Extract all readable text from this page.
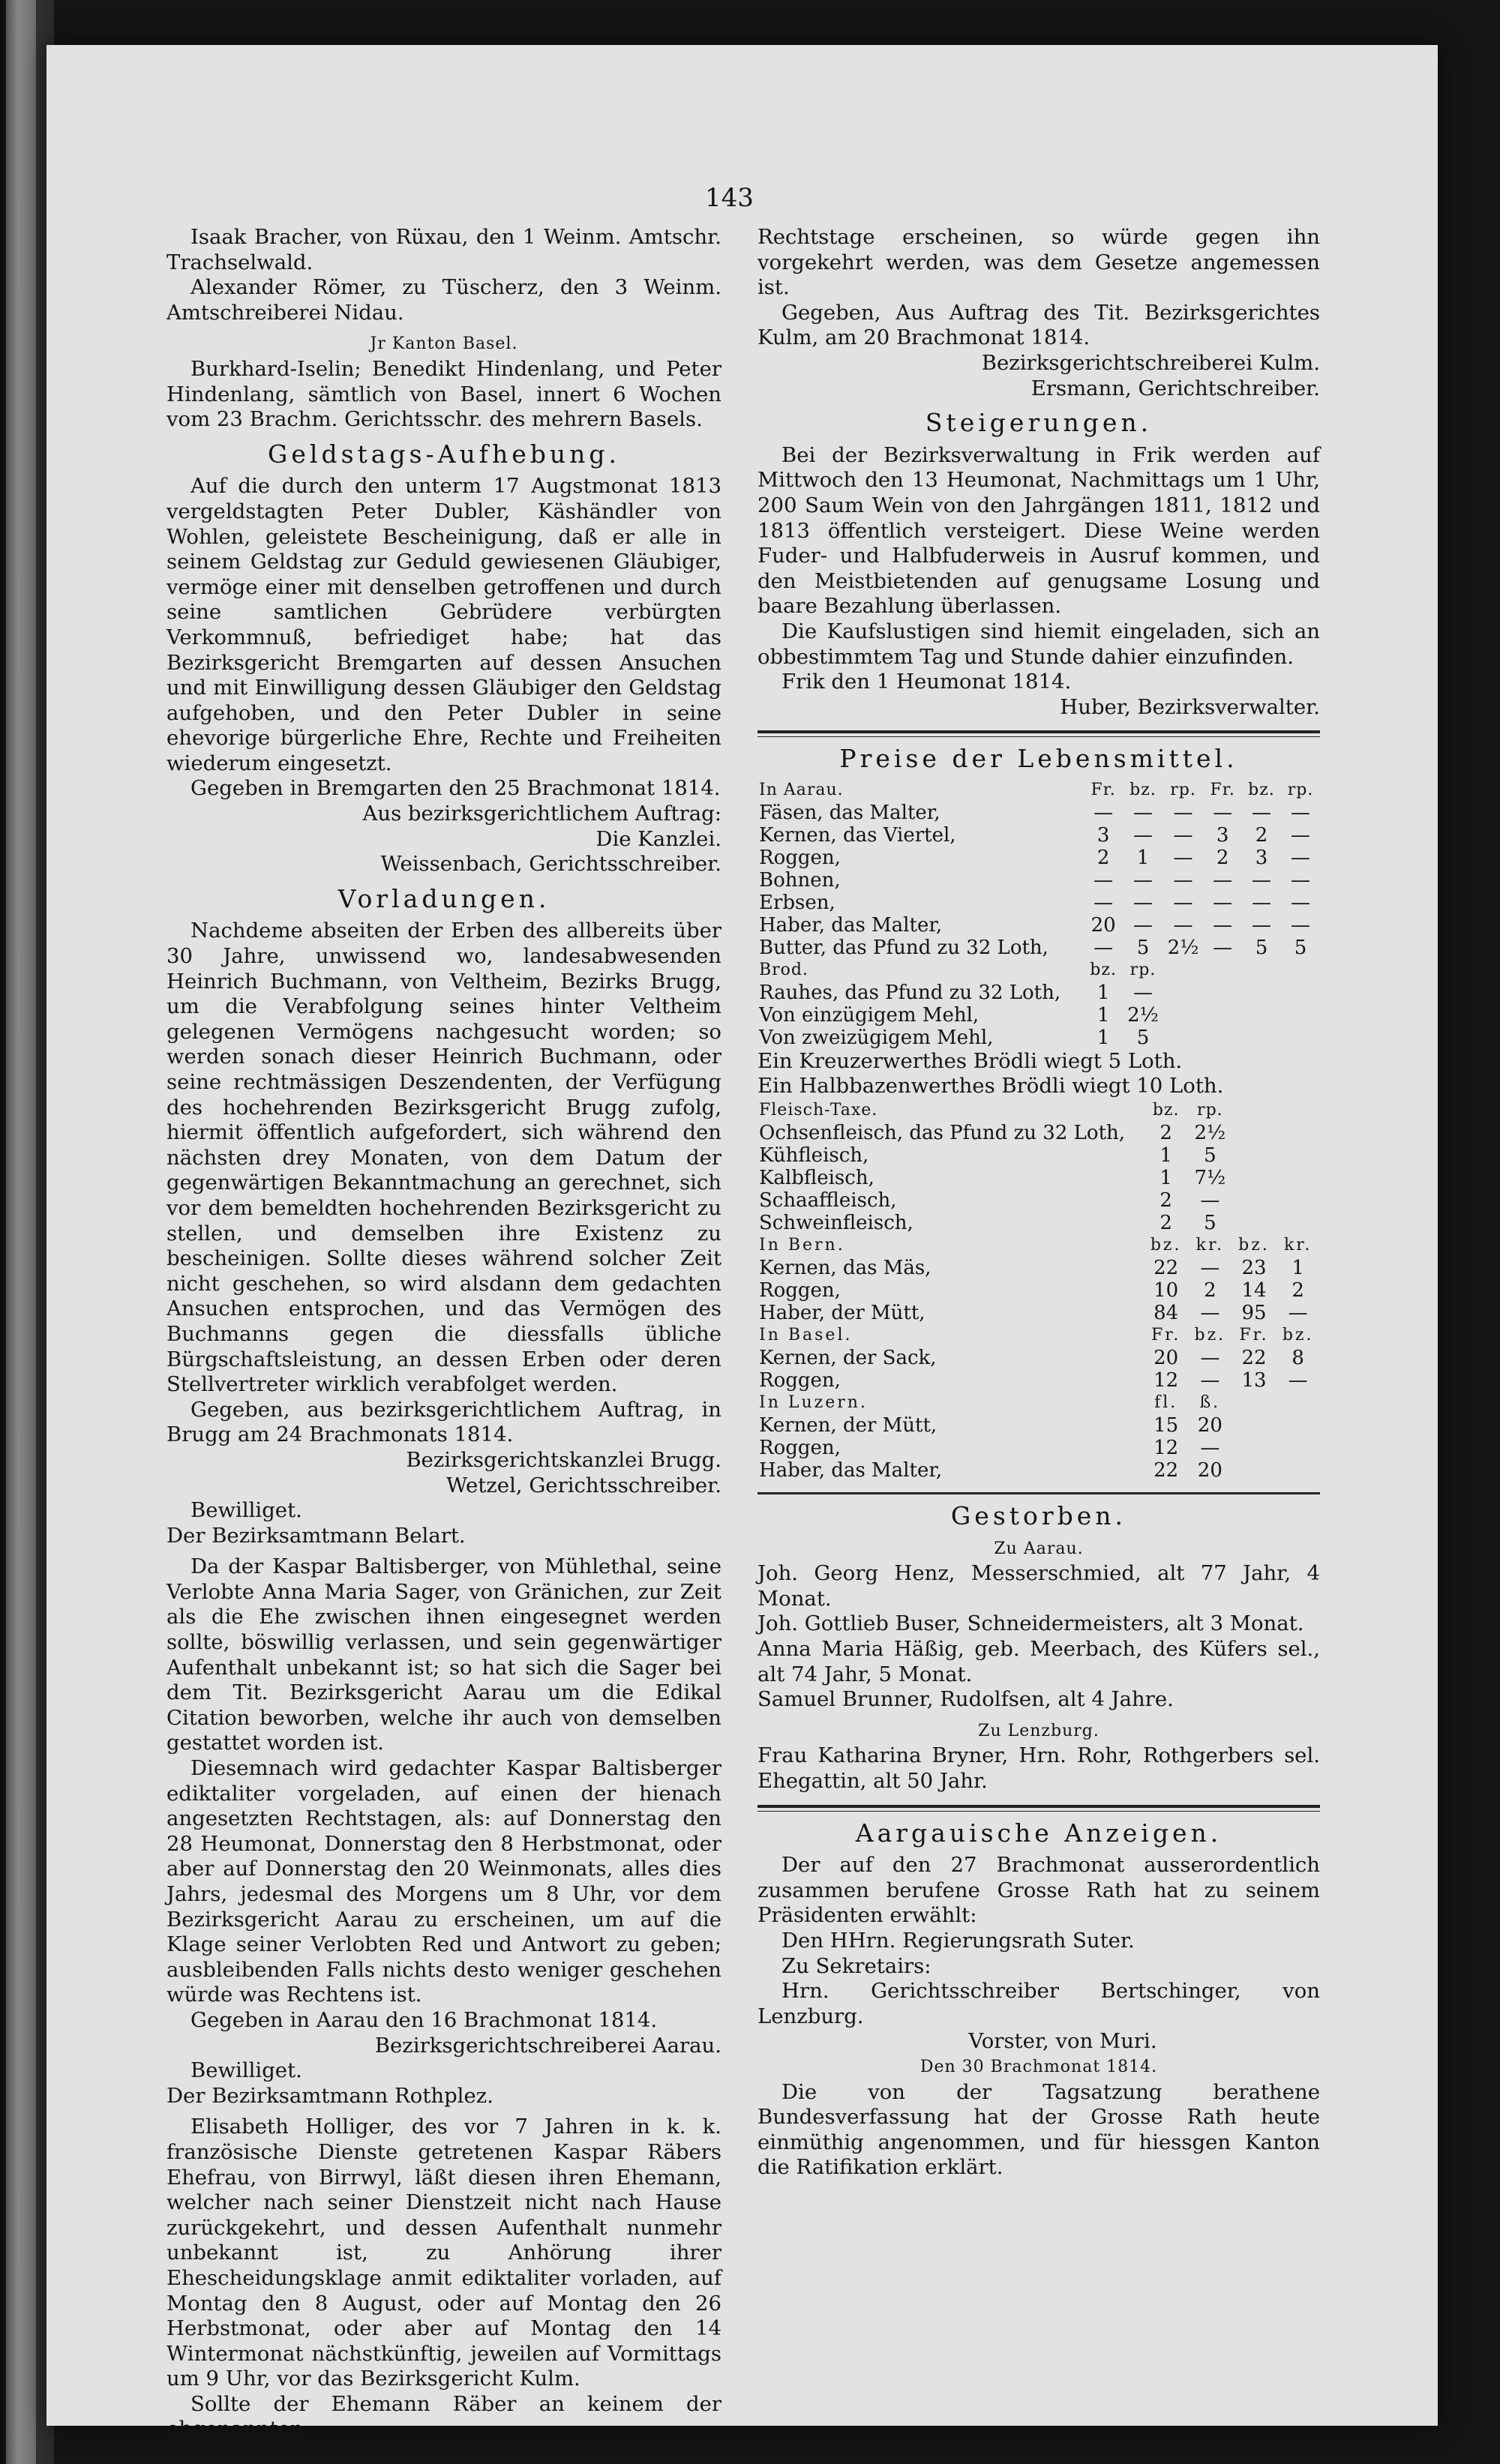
143

Isaak Bracher, von Rüxau, den 1 Weinm. Amtschr. Trachselwald.

Alexander Römer, zu Tüscherz, den 3 Weinm. Amtschreiberei Nidau.

Jr Kanton Basel.

Burkhard-Iselin; Benedikt Hindenlang, und Peter Hindenlang, sämtlich von Basel, innert 6 Wochen vom 23 Brachm. Gerichtsschr. des mehrern Basels.

Geldstags-Aufhebung.

Auf die durch den unterm 17 Augstmonat 1813 vergeldstagten Peter Dubler, Käshändler von Wohlen, geleistete Bescheinigung, daß er alle in seinem Geldstag zur Geduld gewiesenen Gläubiger, vermöge einer mit denselben getroffenen und durch seine samtlichen Gebrüdere verbürgten Verkommnuß, befriediget habe; hat das Bezirksgericht Bremgarten auf dessen Ansuchen und mit Einwilligung dessen Gläubiger den Geldstag aufgehoben, und den Peter Dubler in seine ehevorige bürgerliche Ehre, Rechte und Freiheiten wiederum eingesetzt.

Gegeben in Bremgarten den 25 Brachmonat 1814.

Aus bezirksgerichtlichem Auftrag:

Die Kanzlei.

Weissenbach, Gerichtsschreiber.

Vorladungen.

Nachdeme abseiten der Erben des allbereits über 30 Jahre, unwissend wo, landesabwesenden Heinrich Buchmann, von Veltheim, Bezirks Brugg, um die Verabfolgung seines hinter Veltheim gelegenen Vermögens nachgesucht worden; so werden sonach dieser Heinrich Buchmann, oder seine rechtmässigen Deszendenten, der Verfügung des hochehrenden Bezirksgericht Brugg zufolg, hiermit öffentlich aufgefordert, sich während den nächsten drey Monaten, von dem Datum der gegenwärtigen Bekanntmachung an gerechnet, sich vor dem bemeldten hochehrenden Bezirksgericht zu stellen, und demselben ihre Existenz zu bescheinigen. Sollte dieses während solcher Zeit nicht geschehen, so wird alsdann dem gedachten Ansuchen entsprochen, und das Vermögen des Buchmanns gegen die diessfalls übliche Bürgschaftsleistung, an dessen Erben oder deren Stellvertreter wirklich verabfolget werden.

Gegeben, aus bezirksgerichtlichem Auftrag, in Brugg am 24 Brachmonats 1814.

Bezirksgerichtskanzlei Brugg.

Wetzel, Gerichtsschreiber.

Bewilliget.

Der Bezirksamtmann Belart.

Da der Kaspar Baltisberger, von Mühlethal, seine Verlobte Anna Maria Sager, von Gränichen, zur Zeit als die Ehe zwischen ihnen eingesegnet werden sollte, böswillig verlassen, und sein gegenwärtiger Aufenthalt unbekannt ist; so hat sich die Sager bei dem Tit. Bezirksgericht Aarau um die Edikal Citation beworben, welche ihr auch von demselben gestattet worden ist.

Diesemnach wird gedachter Kaspar Baltisberger ediktaliter vorgeladen, auf einen der hienach angesetzten Rechtstagen, als: auf Donnerstag den 28 Heumonat, Donnerstag den 8 Herbstmonat, oder aber auf Donnerstag den 20 Weinmonats, alles dies Jahrs, jedesmal des Morgens um 8 Uhr, vor dem Bezirksgericht Aarau zu erscheinen, um auf die Klage seiner Verlobten Red und Antwort zu geben; ausbleibenden Falls nichts desto weniger geschehen würde was Rechtens ist.

Gegeben in Aarau den 16 Brachmonat 1814.

Bezirksgerichtschreiberei Aarau.

Bewilliget.

Der Bezirksamtmann Rothplez.

Elisabeth Holliger, des vor 7 Jahren in k. k. französische Dienste getretenen Kaspar Räbers Ehefrau, von Birrwyl, läßt diesen ihren Ehemann, welcher nach seiner Dienstzeit nicht nach Hause zurückgekehrt, und dessen Aufenthalt nunmehr unbekannt ist, zu Anhörung ihrer Ehescheidungsklage anmit ediktaliter vorladen, auf Montag den 8 August, oder auf Montag den 26 Herbstmonat, oder aber auf Montag den 14 Wintermonat nächstkünftig, jeweilen auf Vormittags um 9 Uhr, vor das Bezirksgericht Kulm.

Sollte der Ehemann Räber an keinem der obgenannten

Rechtstage erscheinen, so würde gegen ihn vorgekehrt werden, was dem Gesetze angemessen ist.

Gegeben, Aus Auftrag des Tit. Bezirksgerichtes Kulm, am 20 Brachmonat 1814.

Bezirksgerichtschreiberei Kulm.

Ersmann, Gerichtschreiber.

Steigerungen.

Bei der Bezirksverwaltung in Frik werden auf Mittwoch den 13 Heumonat, Nachmittags um 1 Uhr, 200 Saum Wein von den Jahrgängen 1811, 1812 und 1813 öffentlich versteigert. Diese Weine werden Fuder- und Halbfuderweis in Ausruf kommen, und den Meistbietenden auf genugsame Losung und baare Bezahlung überlassen.

Die Kaufslustigen sind hiemit eingeladen, sich an obbestimmtem Tag und Stunde dahier einzufinden.

Frik den 1 Heumonat 1814.

Huber, Bezirksverwalter.

Preise der Lebensmittel.
In Aarau.	Fr.	bz.	rp.	Fr.	bz.	rp.
Fäsen, das Malter,	—	—	—	—	—	—
Kernen, das Viertel,	3	—	—	3	2	—
Roggen,	2	1	—	2	3	—
Bohnen,	—	—	—	—	—	—
Erbsen,	—	—	—	—	—	—
Haber, das Malter,	20	—	—	—	—	—
Butter, das Pfund zu 32 Loth,	—	5	2½	—	5	5
Brod.	bz.	rp.				
Rauhes, das Pfund zu 32 Loth,	1	—				
Von einzügigem Mehl,	1	2½				
Von zweizügigem Mehl,	1	5				

Ein Kreuzerwerthes Brödli wiegt 5 Loth.

Ein Halbbazenwerthes Brödli wiegt 10 Loth.

Fleisch-Taxe.	bz.	rp.		
Ochsenfleisch, das Pfund zu 32 Loth,	2	2½		
Kühfleisch,	1	5		
Kalbfleisch,	1	7½		
Schaaffleisch,	2	—		
Schweinfleisch,	2	5		
In Bern.	bz.	kr.	bz.	kr.
Kernen, das Mäs,	22	—	23	1
Roggen,	10	2	14	2
Haber, der Mütt,	84	—	95	—
In Basel.	Fr.	bz.	Fr.	bz.
Kernen, der Sack,	20	—	22	8
Roggen,	12	—	13	—
In Luzern.	fl.	ß.		
Kernen, der Mütt,	15	20		
Roggen,	12	—		
Haber, das Malter,	22	20		
Gestorben.

Zu Aarau.

Joh. Georg Henz, Messerschmied, alt 77 Jahr, 4 Monat.

Joh. Gottlieb Buser, Schneidermeisters, alt 3 Monat.

Anna Maria Häßig, geb. Meerbach, des Küfers sel., alt 74 Jahr, 5 Monat.

Samuel Brunner, Rudolfsen, alt 4 Jahre.

Zu Lenzburg.

Frau Katharina Bryner, Hrn. Rohr, Rothgerbers sel. Ehegattin, alt 50 Jahr.

Aargauische Anzeigen.

Der auf den 27 Brachmonat ausserordentlich zusammen berufene Grosse Rath hat zu seinem Präsidenten erwählt:

Den HHrn. Regierungsrath Suter.

Zu Sekretairs:

Hrn. Gerichtsschreiber Bertschinger, von Lenzburg.

Vorster, von Muri.

Den 30 Brachmonat 1814.

Die von der Tagsatzung berathene Bundesverfassung hat der Grosse Rath heute einmüthig angenommen, und für hiessgen Kanton die Ratifikation erklärt.
